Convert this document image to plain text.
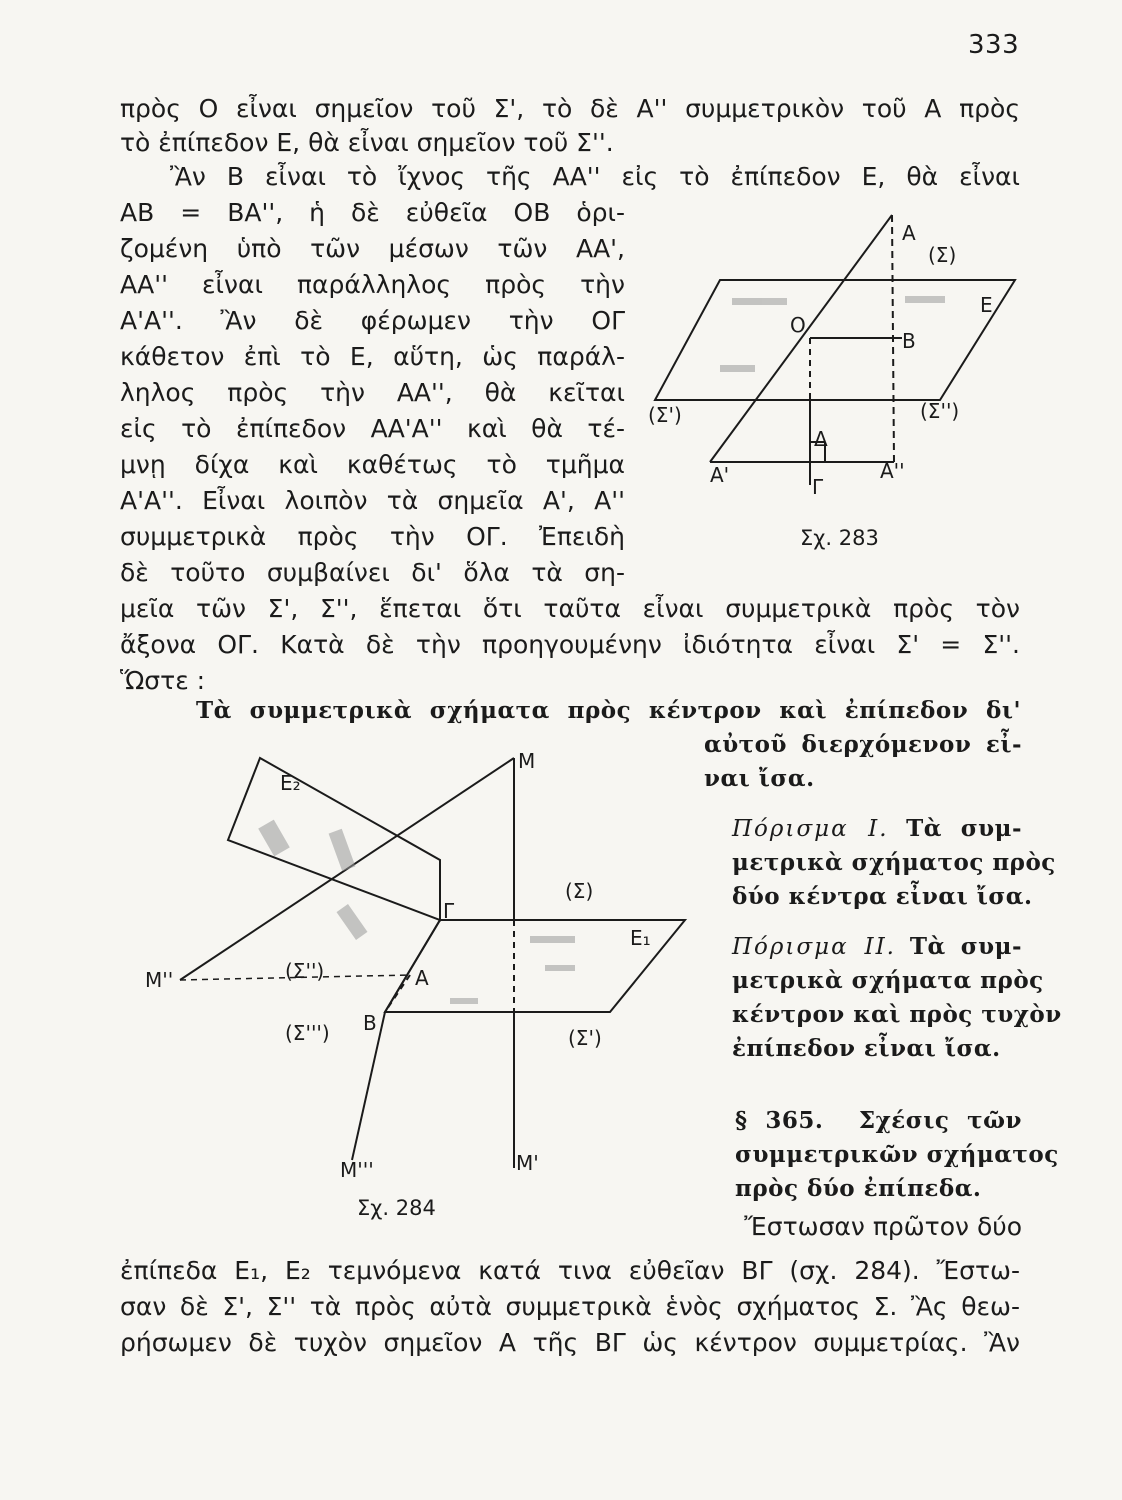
333
πρὸς Ο εἶναι σημεῖον τοῦ Σ', τὸ δὲ Α'' συμμετρικὸν τοῦ Α πρὸς
τὸ ἐπίπεδον Ε, θὰ εἶναι σημεῖον τοῦ Σ''.
Ἂν Β εἶναι τὸ ἴχνος τῆς ΑΑ'' εἰς τὸ ἐπίπεδον Ε, θὰ εἶναι
ΑΒ = ΒΑ'', ἡ δὲ εὐθεῖα ΟΒ ὁρι-
ζομένη ὑπὸ τῶν μέσων τῶν ΑΑ',
ΑΑ'' εἶναι παράλληλος πρὸς τὴν
Α'Α''. Ἂν δὲ φέρωμεν τὴν ΟΓ
κάθετον ἐπὶ τὸ Ε, αὕτη, ὡς παράλ-
ληλος πρὸς τὴν ΑΑ'', θὰ κεῖται
εἰς τὸ ἐπίπεδον ΑΑ'Α'' καὶ θὰ τέ-
μνῃ δίχα καὶ καθέτως τὸ τμῆμα
Α'Α''. Εἶναι λοιπὸν τὰ σημεῖα Α', Α''
συμμετρικὰ πρὸς τὴν ΟΓ. Ἐπειδὴ
δὲ τοῦτο συμβαίνει δι' ὅλα τὰ ση-
μεῖα τῶν Σ', Σ'', ἕπεται ὅτι ταῦτα εἶναι συμμετρικὰ πρὸς τὸν
ἄξονα ΟΓ. Κατὰ δὲ τὴν προηγουμένην ἰδιότητα εἶναι Σ' = Σ''.
Ὥστε :
Α
(Σ)
Ε
Ο
Β
(Σ')	(Σ'')
Δ
Α'	Α''
Γ
Σχ. 283
Τὰ συμμετρικὰ σχήματα πρὸς κέντρον καὶ ἐπίπεδον δι'
αὐτοῦ διερχόμενον εἶ-
ναι ἴσα.
Πόρισμα Ι. Τὰ συμ-
μετρικὰ σχήματος πρὸς
δύο κέντρα εἶναι ἴσα.
Πόρισμα ΙΙ. Τὰ συμ-
μετρικὰ σχήματα πρὸς
κέντρον καὶ πρὸς τυχὸν
ἐπίπεδον εἶναι ἴσα.
§ 365. Σχέσις τῶν
συμμετρικῶν σχήματος
πρὸς δύο ἐπίπεδα.
Ἔστωσαν πρῶτον δύο
Ε₂
Μ
(Σ)
Γ
Ε₁
Μ''	(Σ'')	Α
(Σ''') Β
(Σ')
Μ'''	Μ'
Σχ. 284
ἐπίπεδα Ε₁, Ε₂ τεμνόμενα κατά τινα εὐθεῖαν ΒΓ (σχ. 284). Ἔστω-
σαν δὲ Σ', Σ'' τὰ πρὸς αὐτὰ συμμετρικὰ ἑνὸς σχήματος Σ. Ἂς θεω-
ρήσωμεν δὲ τυχὸν σημεῖον Α τῆς ΒΓ ὡς κέντρον συμμετρίας. Ἂν
